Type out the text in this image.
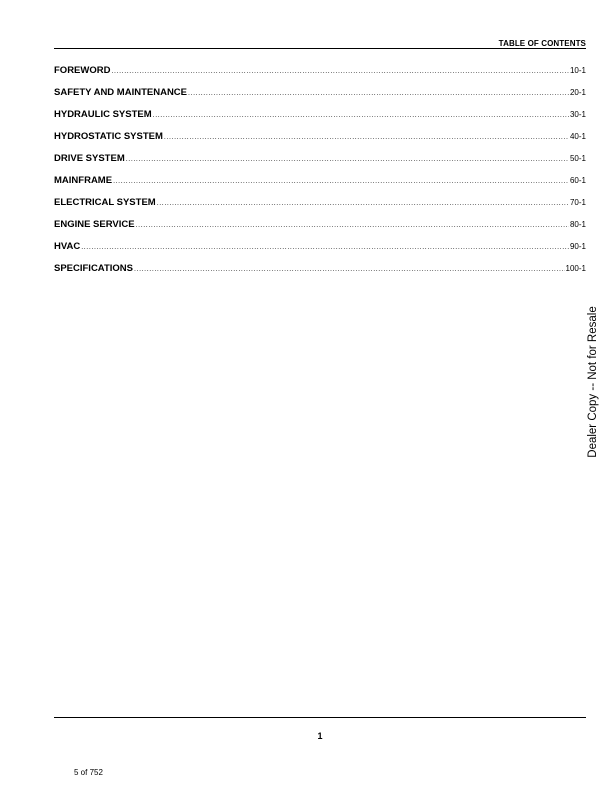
TABLE OF CONTENTS
FOREWORD .....	10-1
SAFETY AND MAINTENANCE .....	20-1
HYDRAULIC SYSTEM .....	30-1
HYDROSTATIC SYSTEM .....	40-1
DRIVE SYSTEM .....	50-1
MAINFRAME .....	60-1
ELECTRICAL SYSTEM .....	70-1
ENGINE SERVICE .....	80-1
HVAC .....	90-1
SPECIFICATIONS .....	100-1
Dealer Copy -- Not for Resale
1
5 of 752
